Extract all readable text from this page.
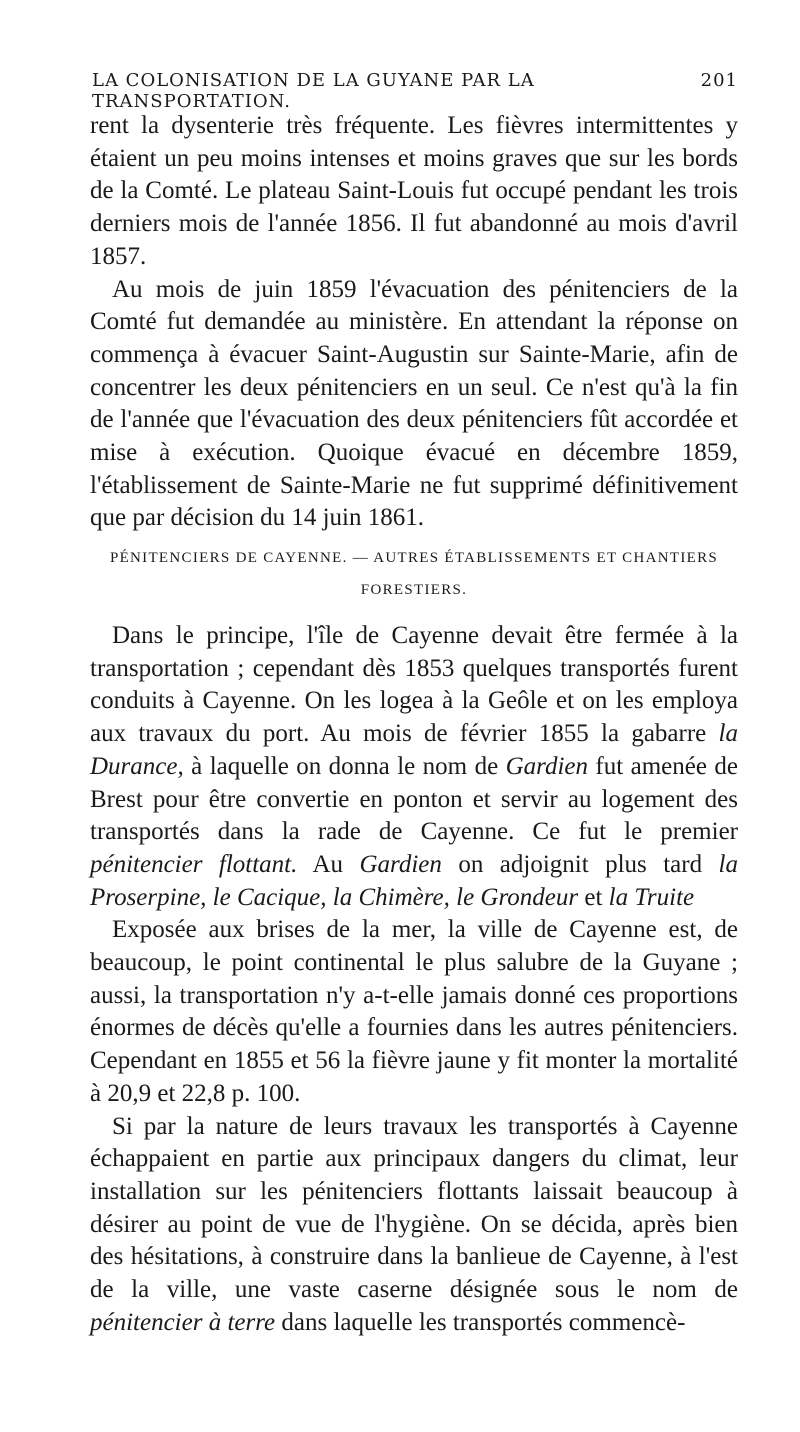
LA COLONISATION DE LA GUYANE PAR LA TRANSPORTATION.
201

rent la dysenterie très fréquente. Les fièvres intermittentes y étaient un peu moins intenses et moins graves que sur les bords de la Comté. Le plateau Saint-Louis fut occupé pendant les trois derniers mois de l'année 1856. Il fut abandonné au mois d'avril 1857.

Au mois de juin 1859 l'évacuation des pénitenciers de la Comté fut demandée au ministère. En attendant la réponse on commença à évacuer Saint-Augustin sur Sainte-Marie, afin de concentrer les deux pénitenciers en un seul. Ce n'est qu'à la fin de l'année que l'évacuation des deux pénitenciers fût accordée et mise à exécution. Quoique évacué en décembre 1859, l'établissement de Sainte-Marie ne fut supprimé définitivement que par décision du 14 juin 1861.

PÉNITENCIERS DE CAYENNE. — AUTRES ÉTABLISSEMENTS ET CHANTIERS FORESTIERS.

Dans le principe, l'île de Cayenne devait être fermée à la transportation ; cependant dès 1853 quelques transportés furent conduits à Cayenne. On les logea à la Geôle et on les employa aux travaux du port. Au mois de février 1855 la gabarre la Durance, à laquelle on donna le nom de Gardien fut amenée de Brest pour être convertie en ponton et servir au logement des transportés dans la rade de Cayenne. Ce fut le premier pénitencier flottant. Au Gardien on adjoignit plus tard la Proserpine, le Cacique, la Chimère, le Grondeur et la Truite

Exposée aux brises de la mer, la ville de Cayenne est, de beaucoup, le point continental le plus salubre de la Guyane ; aussi, la transportation n'y a-t-elle jamais donné ces proportions énormes de décès qu'elle a fournies dans les autres pénitenciers. Cependant en 1855 et 56 la fièvre jaune y fit monter la mortalité à 20,9 et 22,8 p. 100.

Si par la nature de leurs travaux les transportés à Cayenne échappaient en partie aux principaux dangers du climat, leur installation sur les pénitenciers flottants laissait beaucoup à désirer au point de vue de l'hygiène. On se décida, après bien des hésitations, à construire dans la banlieue de Cayenne, à l'est de la ville, une vaste caserne désignée sous le nom de pénitencier à terre dans laquelle les transportés commencè-
